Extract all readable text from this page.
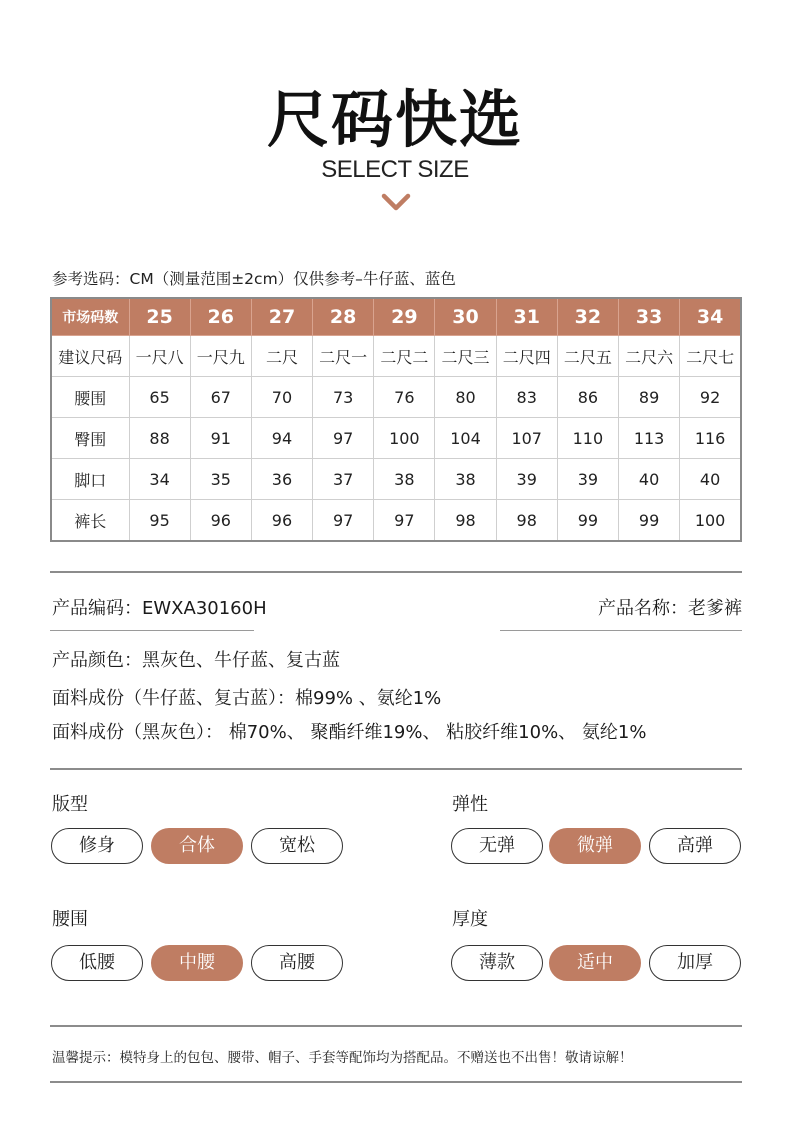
尺码快选
SELECT SIZE
参考选码：CM（测量范围±2cm）仅供参考–牛仔蓝、蓝色
市场码数	25	26	27	28	29	30	31	32	33	34
建议尺码	一尺八	一尺九	二尺	二尺一	二尺二	二尺三	二尺四	二尺五	二尺六	二尺七
腰围	65	67	70	73	76	80	83	86	89	92
臀围	88	91	94	97	100	104	107	110	113	116
脚口	34	35	36	37	38	38	39	39	40	40
裤长	95	96	96	97	97	98	98	99	99	100
产品编码：EWXA30160H	产品名称：老爹裤
产品颜色：黑灰色、牛仔蓝、复古蓝
面料成份（牛仔蓝、复古蓝）：棉99% 、氨纶1%
面料成份（黑灰色）： 棉70%、 聚酯纤维19%、 粘胶纤维10%、 氨纶1%
版型
修身	合体	宽松
弹性
无弹	微弹	高弹
腰围
低腰	中腰	高腰
厚度
薄款	适中	加厚
温馨提示：模特身上的包包、腰带、帽子、手套等配饰均为搭配品。不赠送也不出售！敬请谅解！
